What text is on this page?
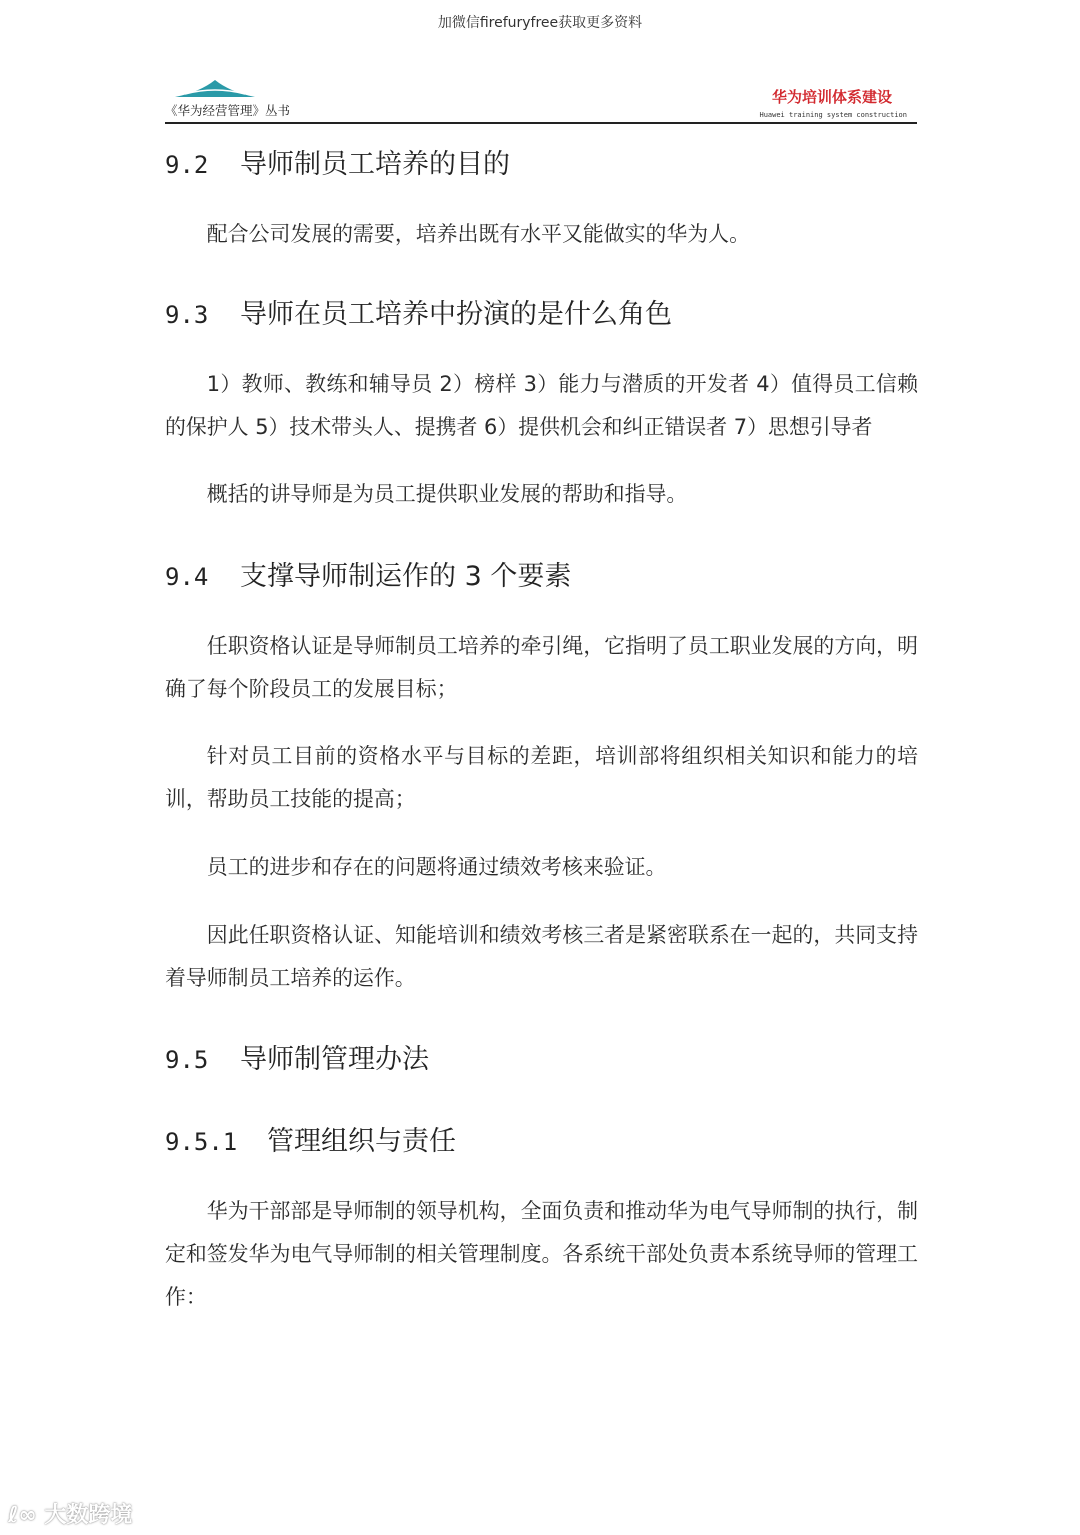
加微信firefuryfree获取更多资料
《华为经营管理》丛书
华为培训体系建设
Huawei training system construction
9.2 导师制员工培养的目的
配合公司发展的需要，培养出既有水平又能做实的华为人。
9.3 导师在员工培养中扮演的是什么角色
1）教师、教练和辅导员 2）榜样 3）能力与潜质的开发者 4）值得员工信赖的保护人 5）技术带头人、提携者 6）提供机会和纠正错误者 7）思想引导者
概括的讲导师是为员工提供职业发展的帮助和指导。
9.4 支撑导师制运作的 3 个要素
任职资格认证是导师制员工培养的牵引绳，它指明了员工职业发展的方向，明确了每个阶段员工的发展目标；
针对员工目前的资格水平与目标的差距，培训部将组织相关知识和能力的培训，帮助员工技能的提高；
员工的进步和存在的问题将通过绩效考核来验证。
因此任职资格认证、知能培训和绩效考核三者是紧密联系在一起的，共同支持着导师制员工培养的运作。
9.5 导师制管理办法
9.5.1 管理组织与责任
华为干部部是导师制的领导机构，全面负责和推动华为电气导师制的执行，制定和签发华为电气导师制的相关管理制度。各系统干部处负责本系统导师的管理工作：
ℓ∞ 大数跨境
